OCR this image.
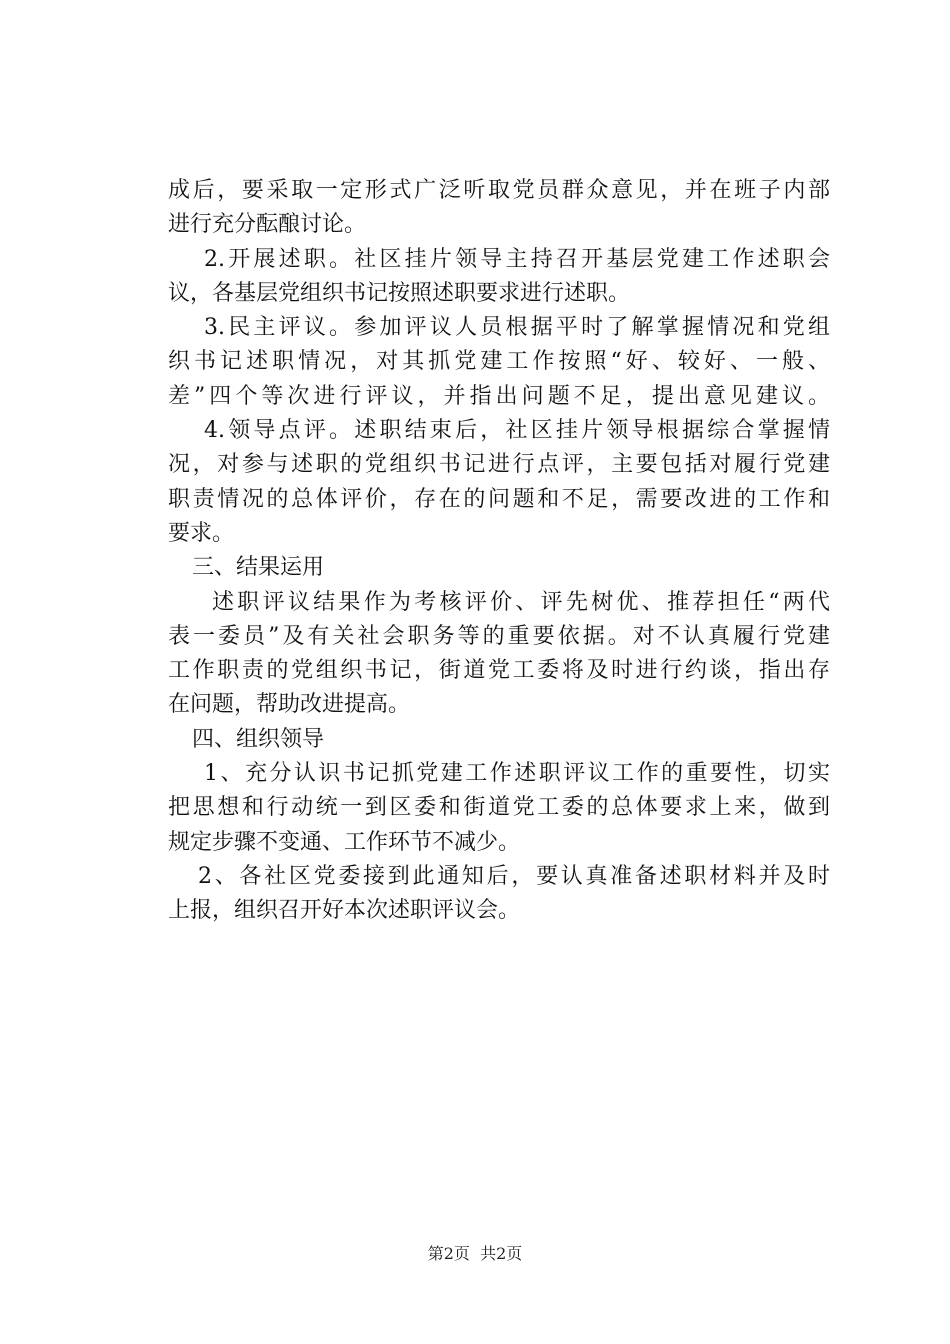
成后，要采取一定形式广泛听取党员群众意见，并在班子内部
进行充分酝酿讨论。
2.开展述职。社区挂片领导主持召开基层党建工作述职会
议，各基层党组织书记按照述职要求进行述职。
3.民主评议。参加评议人员根据平时了解掌握情况和党组
织书记述职情况，对其抓党建工作按照“好、较好、一般、
差”四个等次进行评议，并指出问题不足，提出意见建议。
4.领导点评。述职结束后，社区挂片领导根据综合掌握情
况，对参与述职的党组织书记进行点评，主要包括对履行党建
职责情况的总体评价，存在的问题和不足，需要改进的工作和
要求。
三、结果运用
述职评议结果作为考核评价、评先树优、推荐担任“两代
表一委员”及有关社会职务等的重要依据。对不认真履行党建
工作职责的党组织书记，街道党工委将及时进行约谈，指出存
在问题，帮助改进提高。
四、组织领导
1、充分认识书记抓党建工作述职评议工作的重要性，切实
把思想和行动统一到区委和街道党工委的总体要求上来，做到
规定步骤不变通、工作环节不减少。
2、各社区党委接到此通知后，要认真准备述职材料并及时
上报，组织召开好本次述职评议会。
第2页  共2页
